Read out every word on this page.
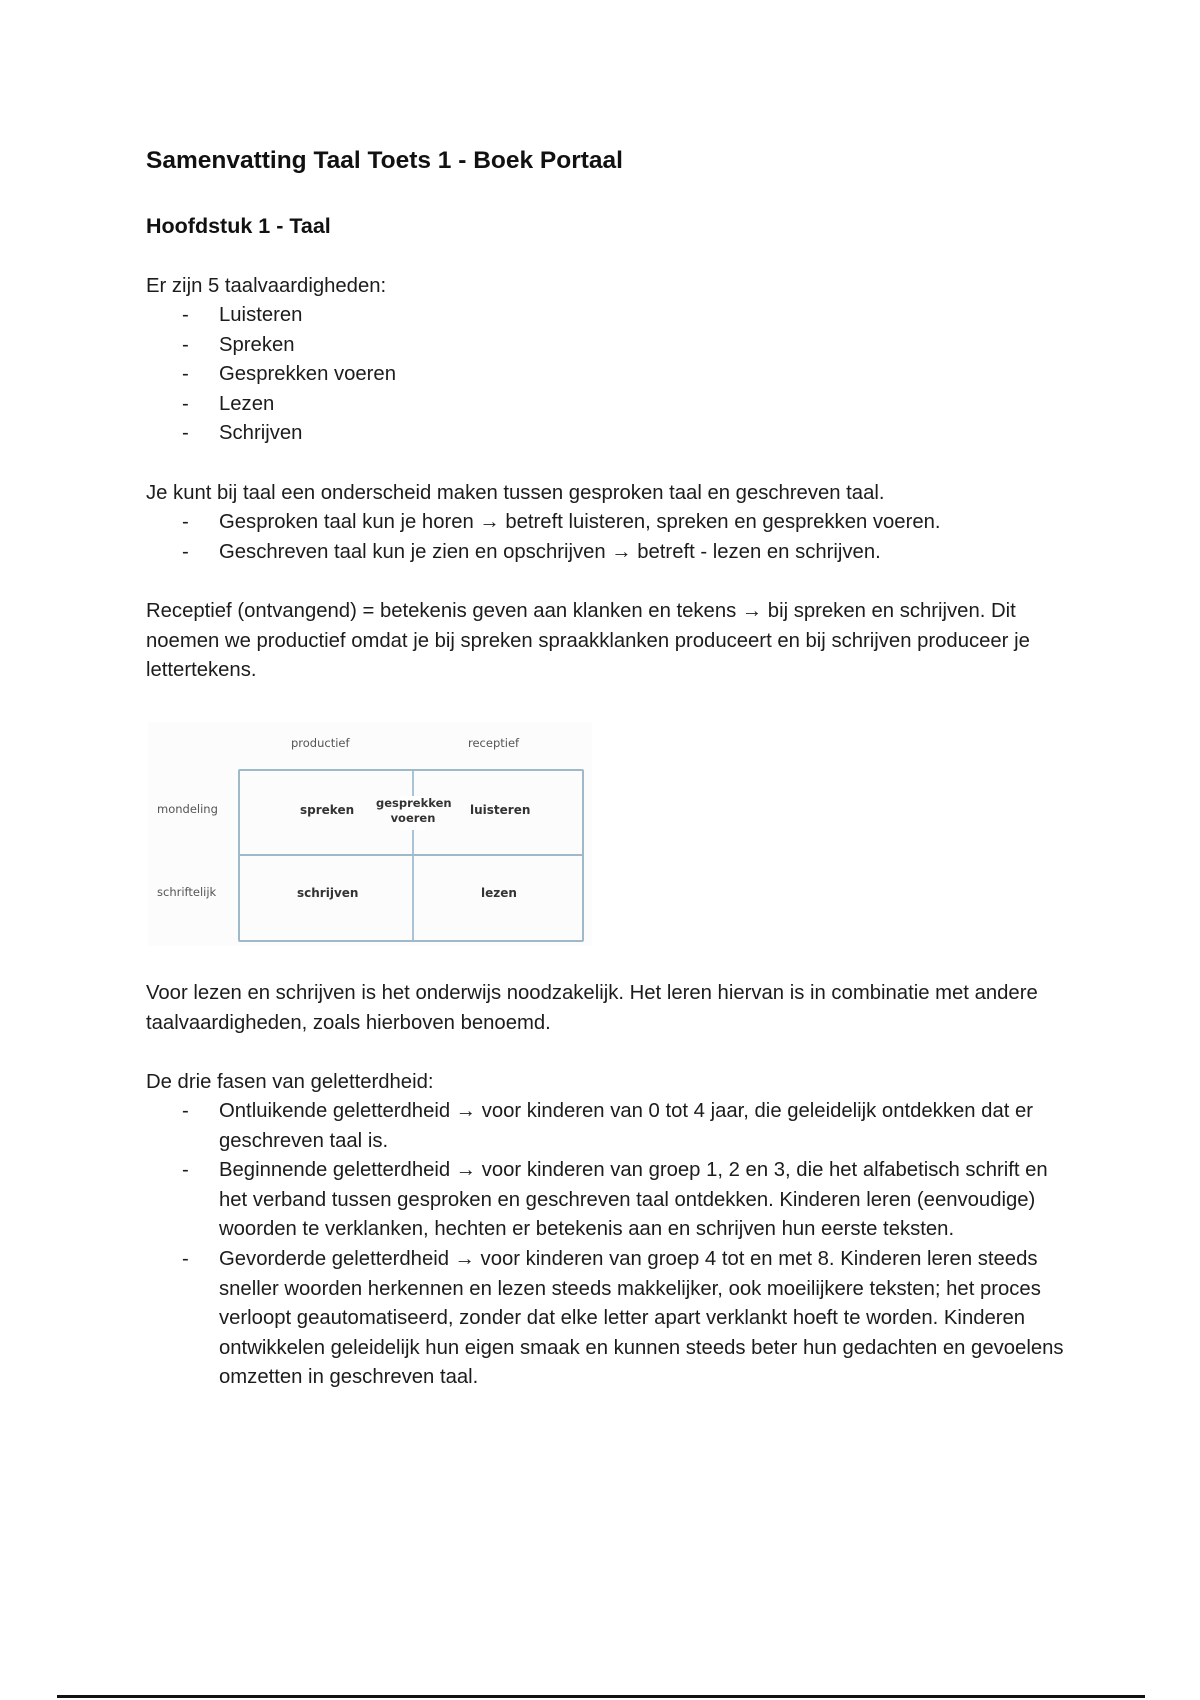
Samenvatting Taal Toets 1 - Boek Portaal
Hoofdstuk 1 - Taal
Er zijn 5 taalvaardigheden:
- Luisteren
- Spreken
- Gesprekken voeren
- Lezen
- Schrijven
Je kunt bij taal een onderscheid maken tussen gesproken taal en geschreven taal.
- Gesproken taal kun je horen → betreft luisteren, spreken en gesprekken voeren.
- Geschreven taal kun je zien en opschrijven → betreft - lezen en schrijven.
Receptief (ontvangend) = betekenis geven aan klanken en tekens → bij spreken en schrijven. Dit noemen we productief omdat je bij spreken spraakklanken produceert en bij schrijven produceer je lettertekens.
Voor lezen en schrijven is het onderwijs noodzakelijk. Het leren hiervan is in combinatie met andere taalvaardigheden, zoals hierboven benoemd.
De drie fasen van geletterdheid:
- Ontluikende geletterdheid → voor kinderen van 0 tot 4 jaar, die geleidelijk ontdekken dat er geschreven taal is.
- Beginnende geletterdheid → voor kinderen van groep 1, 2 en 3, die het alfabetisch schrift en het verband tussen gesproken en geschreven taal ontdekken. Kinderen leren (eenvoudige) woorden te verklanken, hechten er betekenis aan en schrijven hun eerste teksten.
- Gevorderde geletterdheid → voor kinderen van groep 4 tot en met 8. Kinderen leren steeds sneller woorden herkennen en lezen steeds makkelijker, ook moeilijkere teksten; het proces verloopt geautomatiseerd, zonder dat elke letter apart verklankt hoeft te worden. Kinderen ontwikkelen geleidelijk hun eigen smaak en kunnen steeds beter hun gedachten en gevoelens omzetten in geschreven taal.
productief	receptief
mondeling
schriftelijk
spreken gesprekken
voeren
luisteren
schrijven	lezen
